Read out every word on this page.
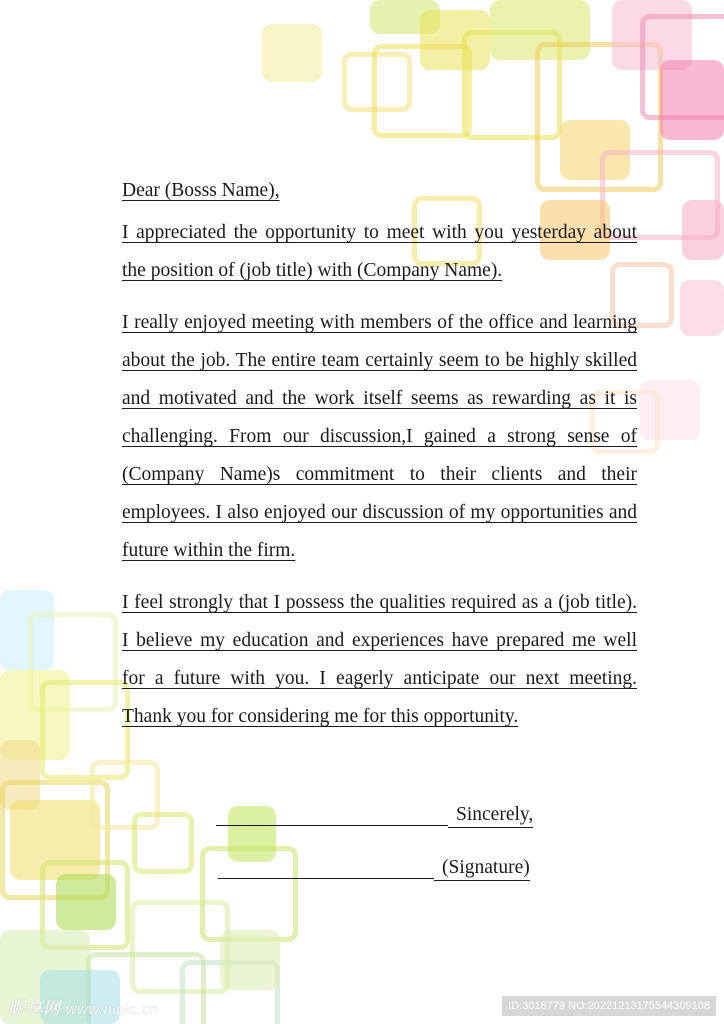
Dear (Bosss Name),

I appreciated the opportunity to meet with you yesterday about the position of (job title) with (Company Name).

I really enjoyed meeting with members of the office and learning about the job. The entire team certainly seem to be highly skilled and motivated and the work itself seems as rewarding as it is challenging. From our discussion,I gained a strong sense of (Company Name)s commitment to their clients and their employees. I also enjoyed our discussion of my opportunities and future within the firm.

I feel strongly that I possess the qualities required as a (job title). I believe my education and experiences have prepared me well for a future with you. I eagerly anticipate our next meeting. Thank you for considering me for this opportunity.

Sincerely,
(Signature)
昵享网 www.nipic.cn	ID:3018779 NO:20221213175544309108
